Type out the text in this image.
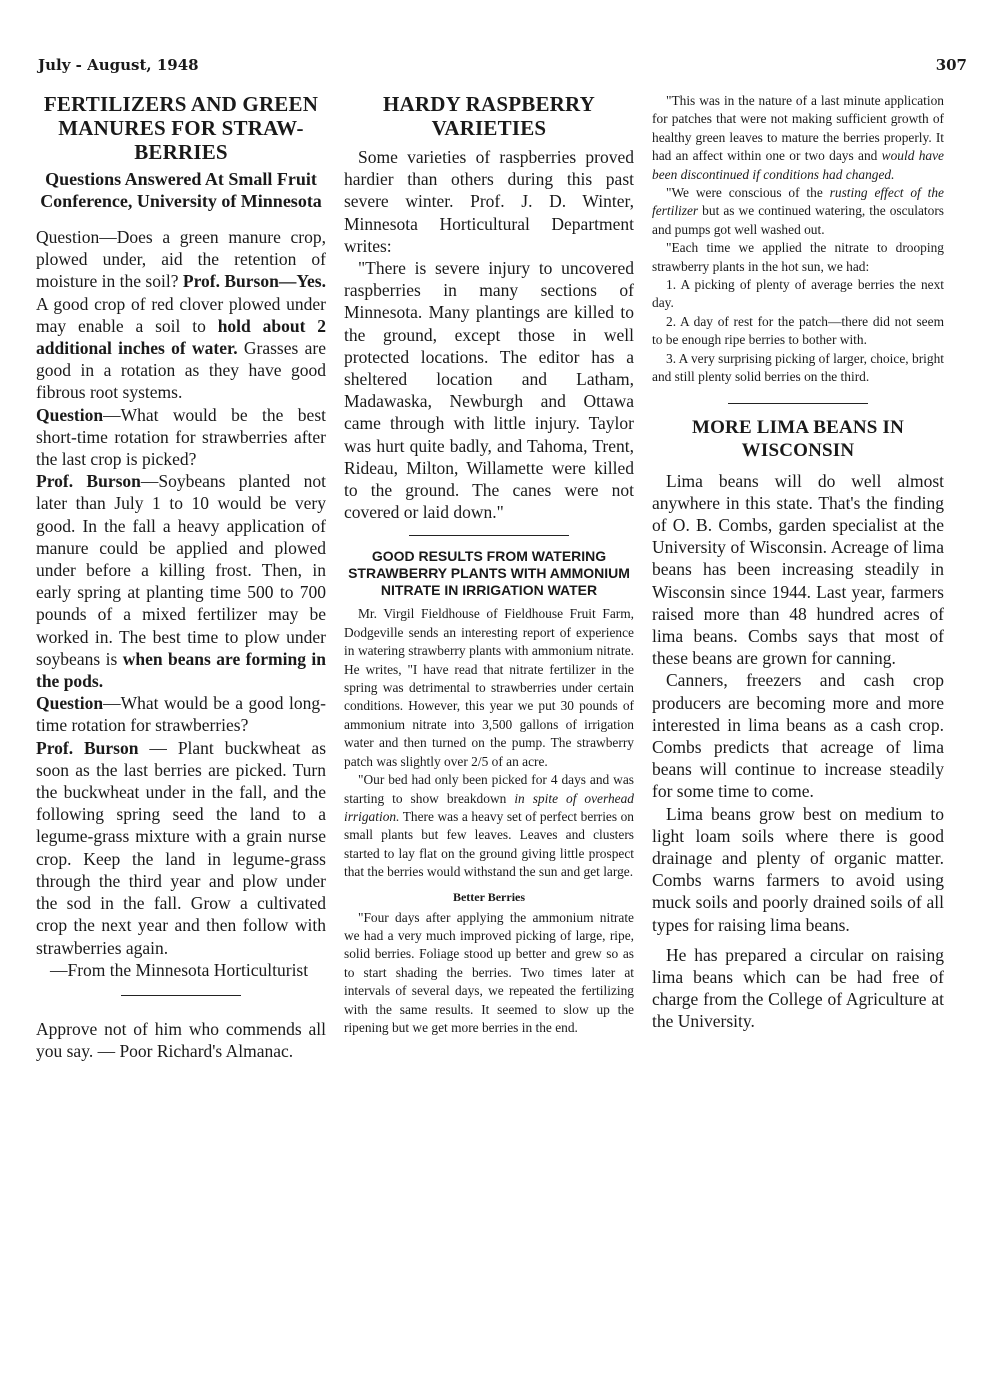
July - August, 1948	307
FERTILIZERS AND GREEN MANURES FOR STRAW-BERRIES
Questions Answered At Small Fruit Conference, University of Minnesota

Question—Does a green manure crop, plowed under, aid the retention of moisture in the soil? Prof. Burson—Yes. A good crop of red clover plowed under may enable a soil to hold about 2 additional inches of water. Grasses are good in a rotation as they have good fibrous root systems.

Question—What would be the best short-time rotation for strawberries after the last crop is picked?

Prof. Burson—Soybeans planted not later than July 1 to 10 would be very good. In the fall a heavy application of manure could be applied and plowed under before a killing frost. Then, in early spring at planting time 500 to 700 pounds of a mixed fertilizer may be worked in. The best time to plow under soybeans is when beans are forming in the pods.

Question—What would be a good long-time rotation for strawberries?

Prof. Burson — Plant buckwheat as soon as the last berries are picked. Turn the buckwheat under in the fall, and the following spring seed the land to a legume-grass mixture with a grain nurse crop. Keep the land in legume-grass through the third year and plow under the sod in the fall. Grow a cultivated crop the next year and then follow with strawberries again.

—From the Minnesota Horticulturist

Approve not of him who commends all you say. — Poor Richard's Almanac.

HARDY RASPBERRY VARIETIES

Some varieties of raspberries proved hardier than others during this past severe winter. Prof. J. D. Winter, Minnesota Horticultural Department writes:

"There is severe injury to uncovered raspberries in many sections of Minnesota. Many plantings are killed to the ground, except those in well protected locations. The editor has a sheltered location and Latham, Madawaska, Newburgh and Ottawa came through with little injury. Taylor was hurt quite badly, and Tahoma, Trent, Rideau, Milton, Willamette were killed to the ground. The canes were not covered or laid down."

GOOD RESULTS FROM WATERING STRAWBERRY PLANTS WITH AMMONIUM NITRATE IN IRRIGATION WATER

Mr. Virgil Fieldhouse of Fieldhouse Fruit Farm, Dodgeville sends an interesting report of experience in watering strawberry plants with ammonium nitrate. He writes, "I have read that nitrate fertilizer in the spring was detrimental to strawberries under certain conditions. However, this year we put 30 pounds of ammonium nitrate into 3,500 gallons of irrigation water and then turned on the pump. The strawberry patch was slightly over 2/5 of an acre.

"Our bed had only been picked for 4 days and was starting to show breakdown in spite of overhead irrigation. There was a heavy set of perfect berries on small plants but few leaves. Leaves and clusters started to lay flat on the ground giving little prospect that the berries would withstand the sun and get large.

Better Berries

"Four days after applying the ammonium nitrate we had a very much improved picking of large, ripe, solid berries. Foliage stood up better and grew so as to start shading the berries. Two times later at intervals of several days, we repeated the fertilizing with the same results. It seemed to slow up the ripening but we get more berries in the end.

"This was in the nature of a last minute application for patches that were not making sufficient growth of healthy green leaves to mature the berries properly. It had an affect within one or two days and would have been discontinued if conditions had changed.

"We were conscious of the rusting effect of the fertilizer but as we continued watering, the osculators and pumps got well washed out.

"Each time we applied the nitrate to drooping strawberry plants in the hot sun, we had:

1. A picking of plenty of average berries the next day.

2. A day of rest for the patch—there did not seem to be enough ripe berries to bother with.

3. A very surprising picking of larger, choice, bright and still plenty solid berries on the third.

MORE LIMA BEANS IN WISCONSIN

Lima beans will do well almost anywhere in this state. That's the finding of O. B. Combs, garden specialist at the University of Wisconsin. Acreage of lima beans has been increasing steadily in Wisconsin since 1944. Last year, farmers raised more than 48 hundred acres of lima beans. Combs says that most of these beans are grown for canning.

Canners, freezers and cash crop producers are becoming more and more interested in lima beans as a cash crop. Combs predicts that acreage of lima beans will continue to increase steadily for some time to come.

Lima beans grow best on medium to light loam soils where there is good drainage and plenty of organic matter. Combs warns farmers to avoid using muck soils and poorly drained soils of all types for raising lima beans.

He has prepared a circular on raising lima beans which can be had free of charge from the College of Agriculture at the University.
